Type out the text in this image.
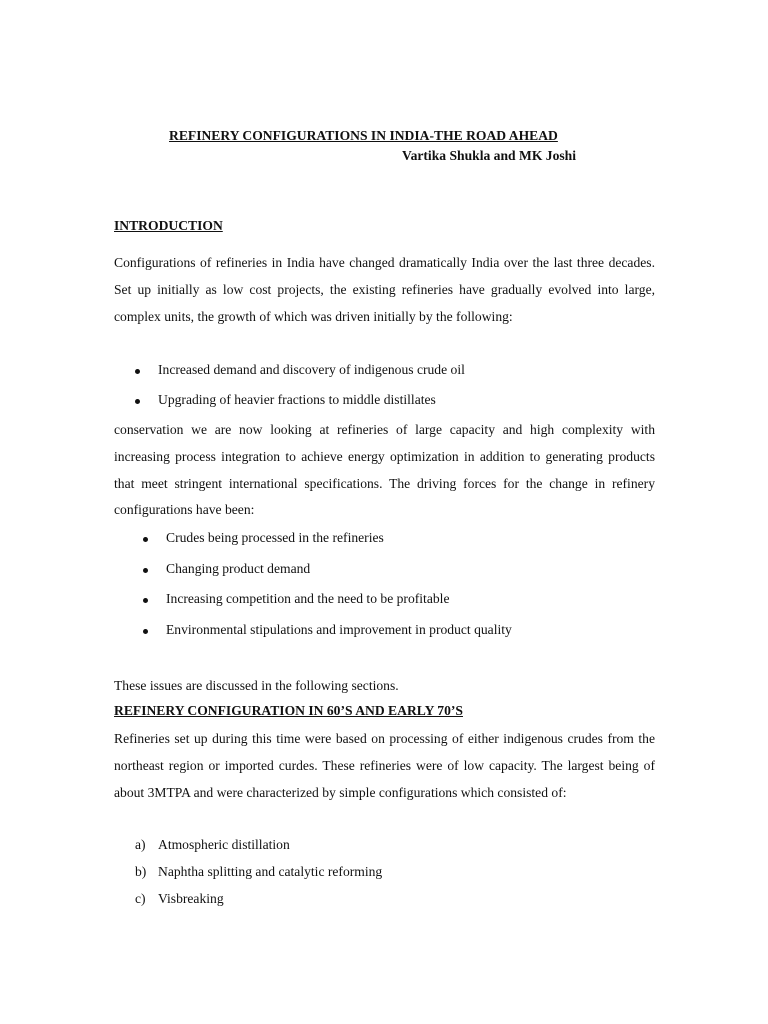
REFINERY CONFIGURATIONS IN INDIA-THE ROAD AHEAD
Vartika Shukla and MK Joshi
INTRODUCTION

Configurations of refineries in India have changed dramatically India over the last three decades. Set up initially as low cost projects, the existing refineries have gradually evolved into large, complex units, the growth of which was driven initially by the following:

Increased demand and discovery of indigenous crude oil
Upgrading of heavier fractions to middle distillates

conservation we are now looking at refineries of large capacity and high complexity with increasing process integration to achieve energy optimization in addition to generating products that meet stringent international specifications. The driving forces for the change in refinery configurations have been:

Crudes being processed in the refineries
Changing product demand
Increasing competition and the need to be profitable
Environmental stipulations and improvement in product quality
These issues are discussed in the following sections.
REFINERY CONFIGURATION IN 60’S AND EARLY 70’S

Refineries set up during this time were based on processing of either indigenous crudes from the northeast region or imported curdes. These refineries were of low capacity. The largest being of about 3MTPA and were characterized by simple configurations which consisted of:

a) Atmospheric distillation
b) Naphtha splitting and catalytic reforming
c) Visbreaking
